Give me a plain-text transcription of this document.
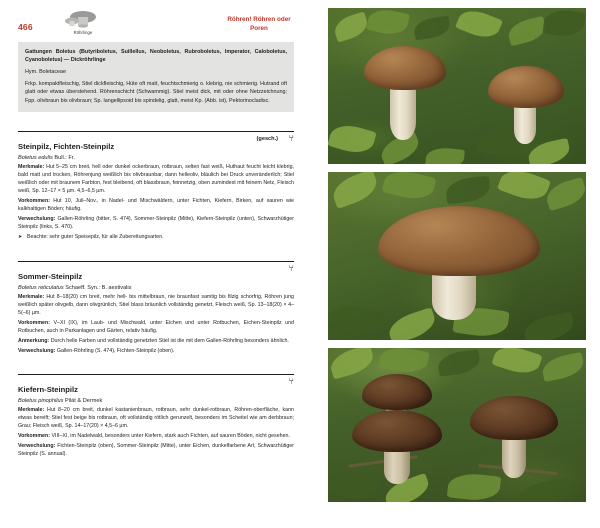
466
Röhrlinge
Röhren! Röhren oder Poren

Gattungen Boletus (Butyriboletus, Suillellus, Neoboletus, Rubroboletus, Imperator, Caloboletus, Cyanoboletus) — Dickröhrlinge

Hym. Boletaceae

Frkp. kompaktfleischig, Stiel dickfleischig, Hüte oft matt, feuchtschmierig o. klebrig, nie schmierig. Hutrand oft glatt oder etwas überstehend. Röhrenschicht (Schwammig). Stiel meist dick, mit oder ohne Netzzeichnung; Fpp. olivbraun bis olivbraun; Sp. langellipsoid bis spindelig, glatt, meist Kp. (Abb. ist), Pektorinocladisc.

Steinpilz, Fichten-Steinpilz
(gesch.)	⑂
Boletus edulis Bull.: Fr.

Merkmale: Hut 5–25 cm breit, hell oder dunkel ockerbraun, rotbraun, selten fast weiß, Huthaut feucht leicht klebrig, bald matt und trocken, Röhrenjung weißlich bis olivbraunbar, dann helleoliv, bläulich bei Druck unveränderlich; Stiel weißlich oder mit braunem Farbton, fest bleibend, oft blassbraun, feinnetzig, oben zumindest mit feinem Netz, Fleisch weiß, Sp. 12–17 × 5 µm. 4,5–6,5 µm.

Vorkommen: Hut 10, Juli–Nov., in Nadel- und Mischwäldern, unter Fichten, Kiefern, Birken, auf sauren wie kalkhaltigen Böden; häufig.

Verwechslung: Gallen-Röhrling (bitter, S. 474), Sommer-Steinpilz (Mitte), Kiefern-Steinpilz (unten), Schwarzhütiger Steinpilz (links, S. 470).

➤ Beachte: sehr guter Speisepilz, für alle Zubereitungsarten.
Sommer-Steinpilz
⑂
Boletus reticulatus Schaeff. Syn.: B. aestivalis

Merkmale: Hut 8–18(20) cm breit, mehr hell- bis mittelbraun, nie braunfast samtig bis filzig schorfrig, Röhren jung weißlich später olivgelb, dann olivgrünlich, Stiel blass bräunlich vollständig genetzt, Fleisch weiß, Sp. 13–18(20) × 4–5(–6) µm.

Vorkommen: V–XI (IX), im Laub- und Mischwald, unter Eichen und unter Rotbuchen, Eichen-Steinpilz und Rotbuchen, auch in Parkanlagen und Gärten, relativ häufig.

Anmerkung: Durch helle Farben und vollständig genetzten Stiel ist die mit dem Gallen-Röhrling besonders ähnlich.

Verwechslung: Gallen-Röhrling (S. 474), Fichten-Steinpilz (oben).

Kiefern-Steinpilz
⑂
Boletus pinophilus Pilát & Dermek

Merkmale: Hut 8–20 cm breit, dunkel kastanienbraun, rotbraun, sehr dunkel-rotbraun, Röhren-oberfläche, kann etwas bereift; Stiel fest beige bis rotbraun, oft vollständig rötlich gerunzelt, besonders im Scheitel wie am derbbraun; Grau; Fleisch weiß, Sp. 14–17(20) × 4,5–6 µm.

Vorkommen: VIII–XI, im Nadelwald, besonders unter Kiefern, stark auch Fichten, auf sauren Böden, nicht gesehen.

Verwechslung: Fichten-Steinpilz (oben), Sommer-Steinpilz (Mitte), unter Eichen, dunkelfarbene Art, Schwarzhütiger Steinpilz (S. annual).
